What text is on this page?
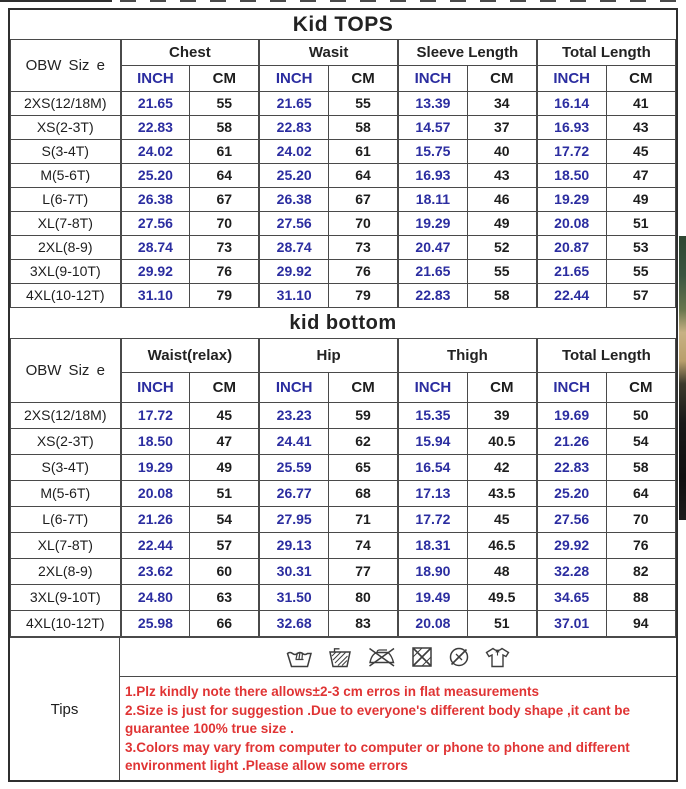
Kid TOPS
OBW Siz e	Chest		Wasit		Sleeve Length		Total Length	
	INCH	CM	INCH	CM	INCH	CM	INCH	CM
2XS(12/18M)	21.65	55	21.65	55	13.39	34	16.14	41
XS(2-3T)	22.83	58	22.83	58	14.57	37	16.93	43
S(3-4T)	24.02	61	24.02	61	15.75	40	17.72	45
M(5-6T)	25.20	64	25.20	64	16.93	43	18.50	47
L(6-7T)	26.38	67	26.38	67	18.11	46	19.29	49
XL(7-8T)	27.56	70	27.56	70	19.29	49	20.08	51
2XL(8-9)	28.74	73	28.74	73	20.47	52	20.87	53
3XL(9-10T)	29.92	76	29.92	76	21.65	55	21.65	55
4XL(10-12T)	31.10	79	31.10	79	22.83	58	22.44	57
kid bottom
OBW Siz e	Waist(relax)		Hip		Thigh		Total Length	
	INCH	CM	INCH	CM	INCH	CM	INCH	CM
2XS(12/18M)	17.72	45	23.23	59	15.35	39	19.69	50
XS(2-3T)	18.50	47	24.41	62	15.94	40.5	21.26	54
S(3-4T)	19.29	49	25.59	65	16.54	42	22.83	58
M(5-6T)	20.08	51	26.77	68	17.13	43.5	25.20	64
L(6-7T)	21.26	54	27.95	71	17.72	45	27.56	70
XL(7-8T)	22.44	57	29.13	74	18.31	46.5	29.92	76
2XL(8-9)	23.62	60	30.31	77	18.90	48	32.28	82
3XL(9-10T)	24.80	63	31.50	80	19.49	49.5	34.65	88
4XL(10-12T)	25.98	66	32.68	83	20.08	51	37.01	94
Tips

1.Plz kindly note there allows±2-3 cm erros in flat measurements

2.Size is just for suggestion .Due to everyone's different body shape ,it cant be guarantee 100% true size .

3.Colors may vary from computer to computer or phone to phone and different environment light .Please allow some errors
